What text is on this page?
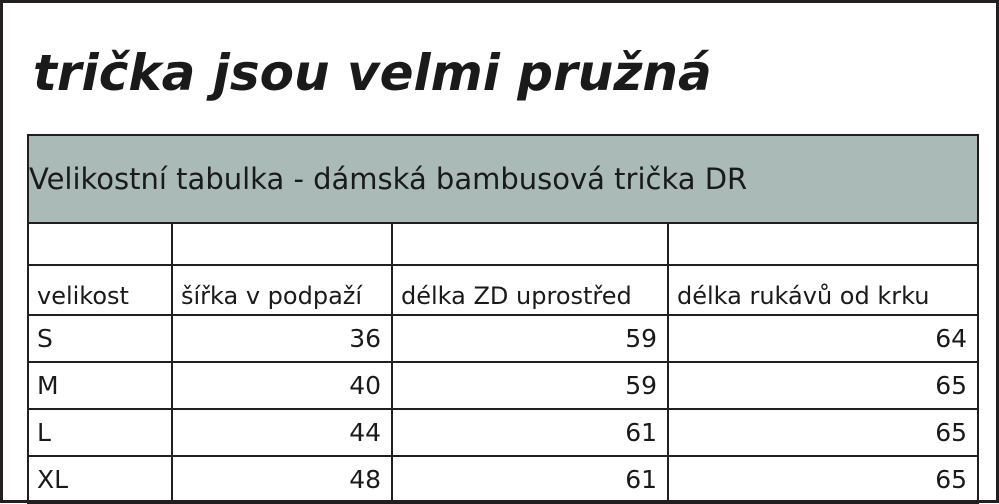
trička jsou velmi pružná
Velikostní tabulka - dámská bambusová trička DR			

velikost	šířka v podpaží	délka ZD uprostřed	délka rukávů od krku
S	36	59	64
M	40	59	65
L	44	61	65
XL	48	61	65
